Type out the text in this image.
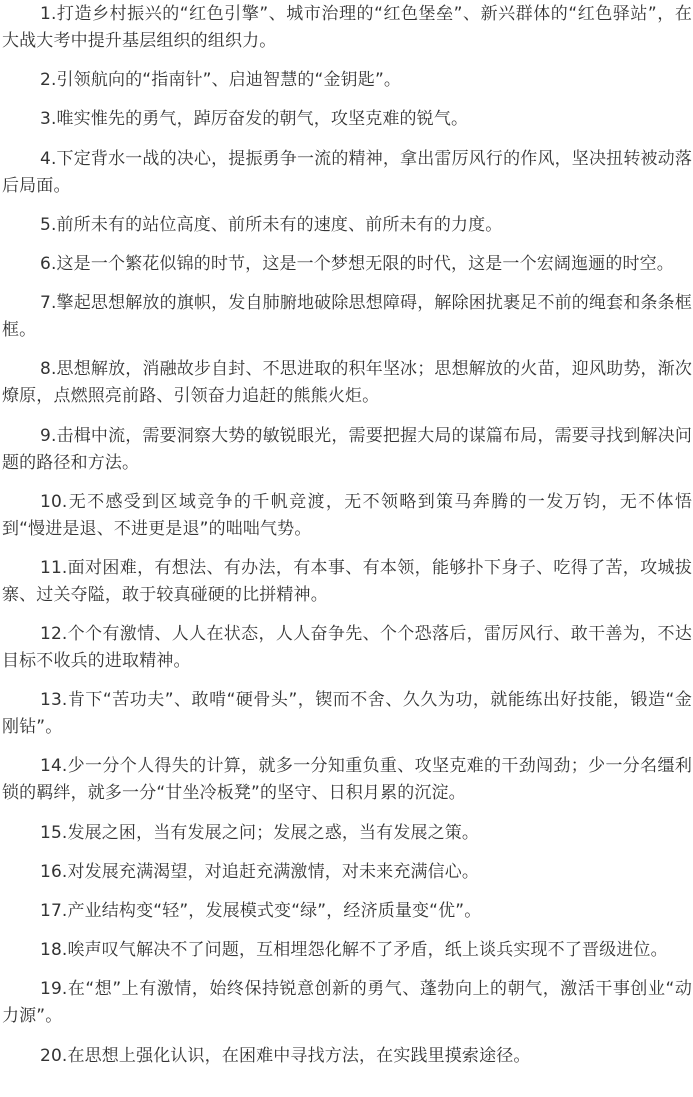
1.打造乡村振兴的“红色引擎”、城市治理的“红色堡垒”、新兴群体的“红色驿站”，在大战大考中提升基层组织的组织力。

2.引领航向的“指南针”、启迪智慧的“金钥匙”。

3.唯实惟先的勇气，踔厉奋发的朝气，攻坚克难的锐气。

4.下定背水一战的决心，提振勇争一流的精神，拿出雷厉风行的作风，坚决扭转被动落后局面。

5.前所未有的站位高度、前所未有的速度、前所未有的力度。

6.这是一个繁花似锦的时节，这是一个梦想无限的时代，这是一个宏阔迤逦的时空。

7.擎起思想解放的旗帜，发自肺腑地破除思想障碍，解除困扰裹足不前的绳套和条条框框。

8.思想解放，消融故步自封、不思进取的积年坚冰；思想解放的火苗，迎风助势，渐次燎原，点燃照亮前路、引领奋力追赶的熊熊火炬。

9.击楫中流，需要洞察大势的敏锐眼光，需要把握大局的谋篇布局，需要寻找到解决问题的路径和方法。

10.无不感受到区域竞争的千帆竞渡，无不领略到策马奔腾的一发万钧，无不体悟到“慢进是退、不进更是退”的咄咄气势。

11.面对困难，有想法、有办法，有本事、有本领，能够扑下身子、吃得了苦，攻城拔寨、过关夺隘，敢于较真碰硬的比拼精神。

12.个个有激情、人人在状态，人人奋争先、个个恐落后，雷厉风行、敢干善为，不达目标不收兵的进取精神。

13.肯下“苦功夫”、敢啃“硬骨头”，锲而不舍、久久为功，就能练出好技能，锻造“金刚钻”。

14.少一分个人得失的计算，就多一分知重负重、攻坚克难的干劲闯劲；少一分名缰利锁的羁绊，就多一分“甘坐冷板凳”的坚守、日积月累的沉淀。

15.发展之困，当有发展之问；发展之惑，当有发展之策。

16.对发展充满渴望，对追赶充满激情，对未来充满信心。

17.产业结构变“轻”，发展模式变“绿”，经济质量变“优”。

18.唉声叹气解决不了问题，互相埋怨化解不了矛盾，纸上谈兵实现不了晋级进位。

19.在“想”上有激情，始终保持锐意创新的勇气、蓬勃向上的朝气，激活干事创业“动力源”。

20.在思想上强化认识，在困难中寻找方法，在实践里摸索途径。
